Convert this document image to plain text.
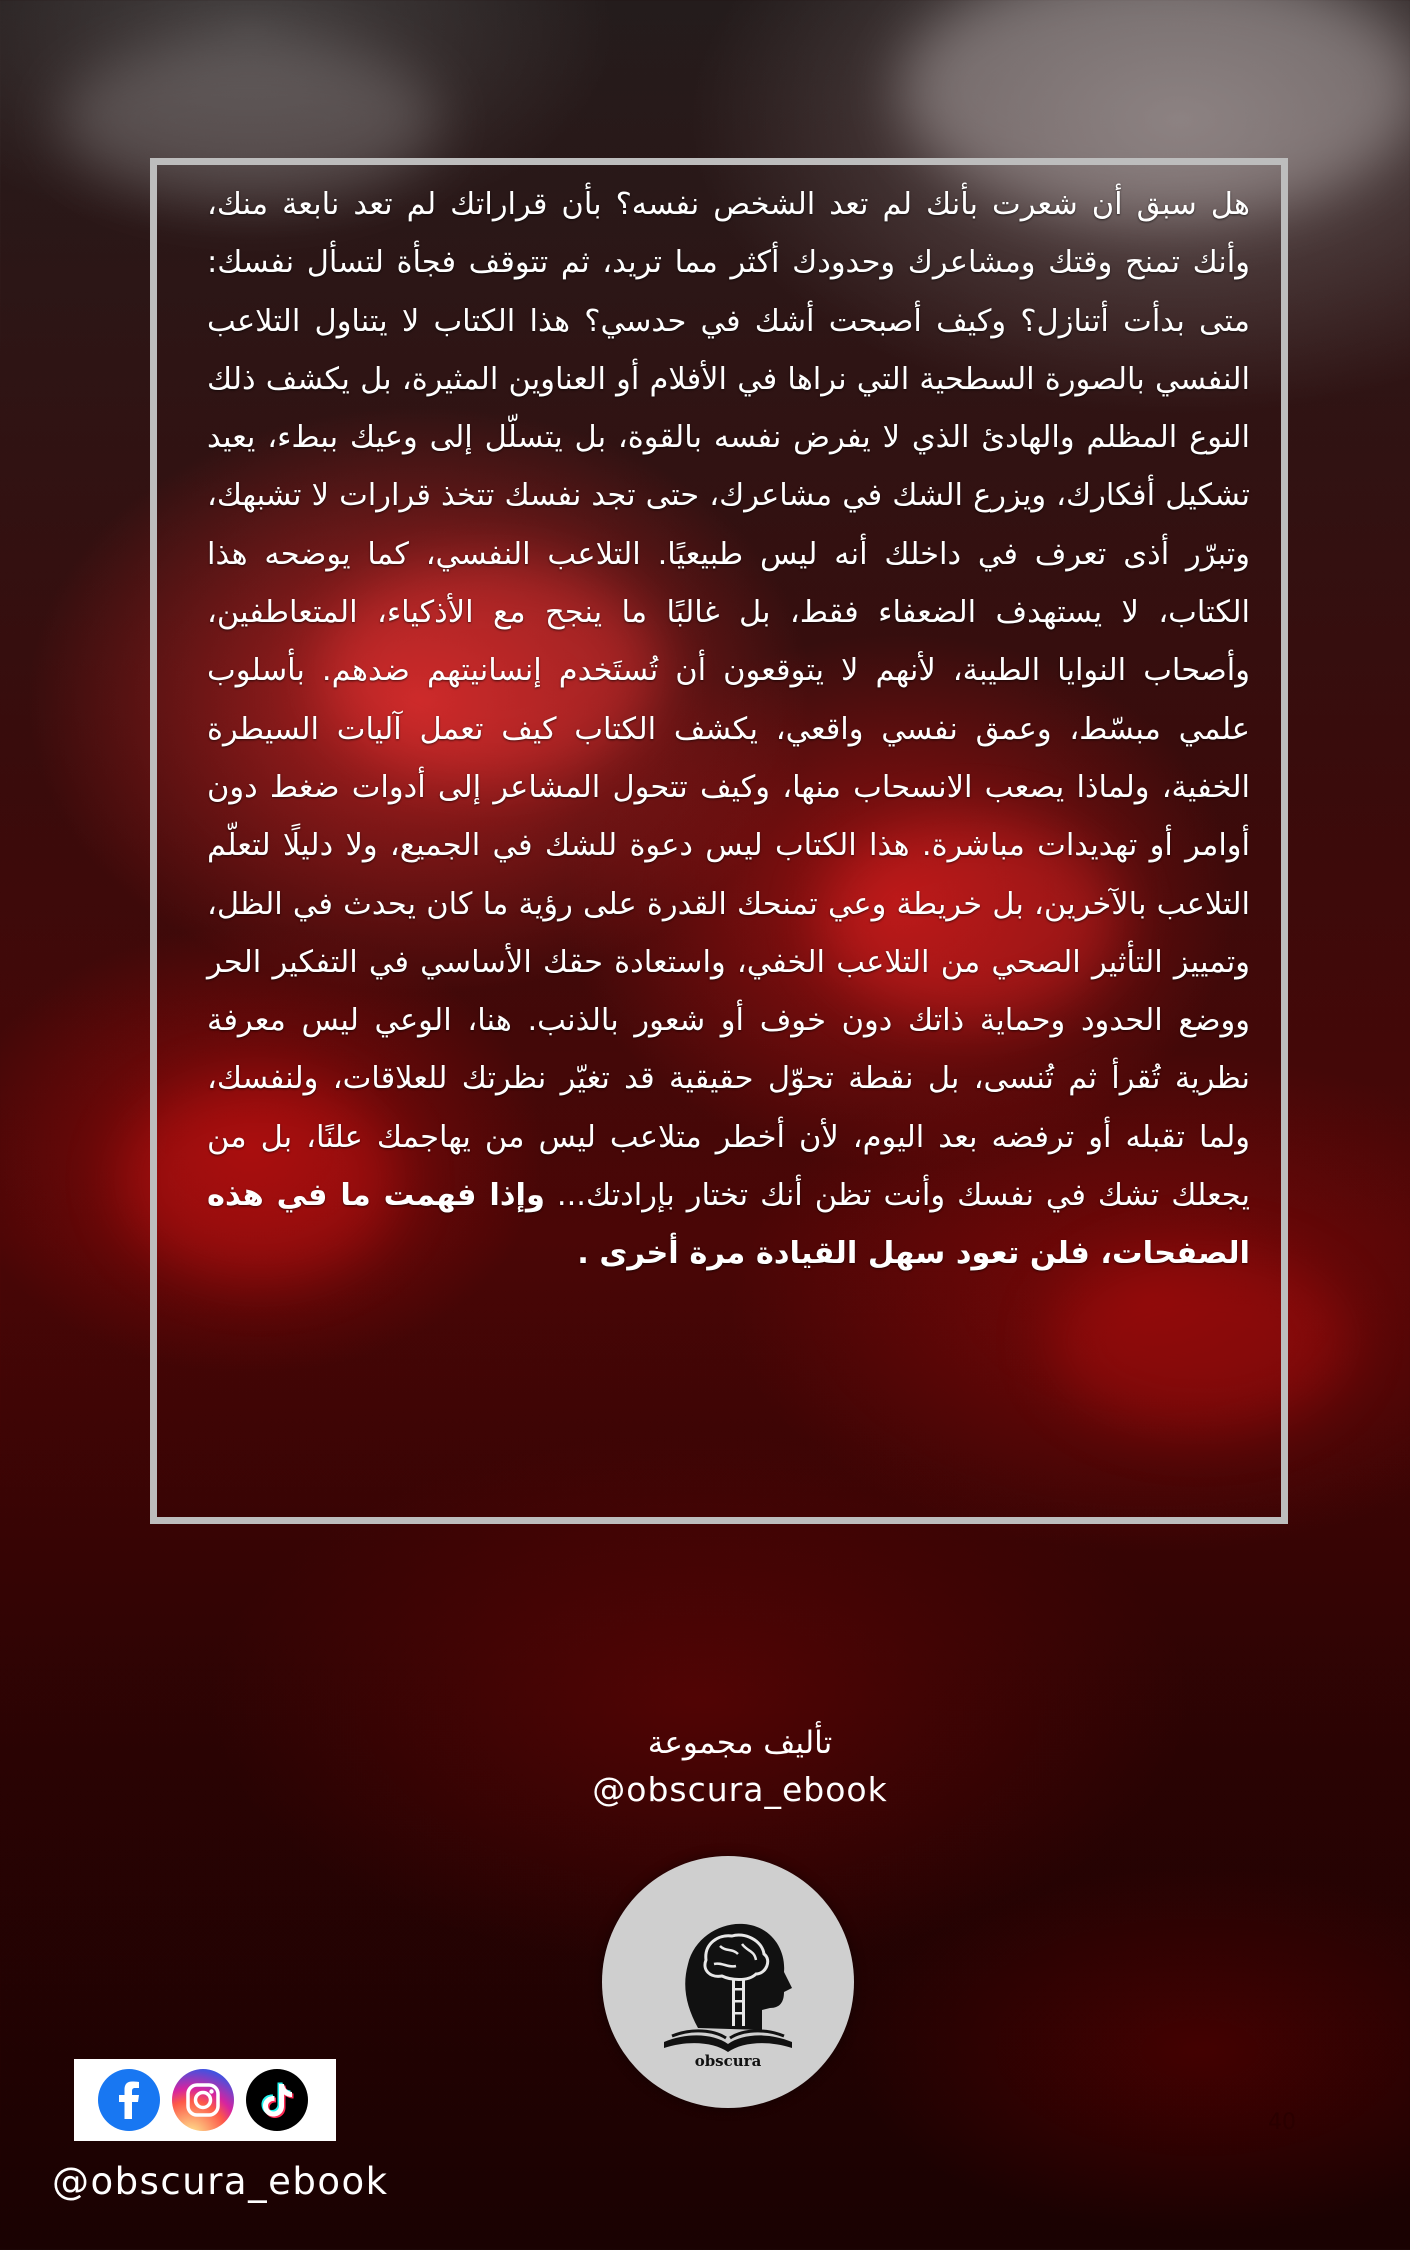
هل سبق أن شعرت بأنك لم تعد الشخص نفسه؟ بأن قراراتك لم تعد نابعة منك، وأنك تمنح وقتك ومشاعرك وحدودك أكثر مما تريد، ثم تتوقف فجأة لتسأل نفسك: متى بدأت أتنازل؟ وكيف أصبحت أشك في حدسي؟ هذا الكتاب لا يتناول التلاعب النفسي بالصورة السطحية التي نراها في الأفلام أو العناوين المثيرة، بل يكشف ذلك النوع المظلم والهادئ الذي لا يفرض نفسه بالقوة، بل يتسلّل إلى وعيك ببطء، يعيد تشكيل أفكارك، ويزرع الشك في مشاعرك، حتى تجد نفسك تتخذ قرارات لا تشبهك، وتبرّر أذى تعرف في داخلك أنه ليس طبيعيًا. التلاعب النفسي، كما يوضحه هذا الكتاب، لا يستهدف الضعفاء فقط، بل غالبًا ما ينجح مع الأذكياء، المتعاطفين، وأصحاب النوايا الطيبة، لأنهم لا يتوقعون أن تُستَخدم إنسانيتهم ضدهم. بأسلوب علمي مبسّط، وعمق نفسي واقعي، يكشف الكتاب كيف تعمل آليات السيطرة الخفية، ولماذا يصعب الانسحاب منها، وكيف تتحول المشاعر إلى أدوات ضغط دون أوامر أو تهديدات مباشرة. هذا الكتاب ليس دعوة للشك في الجميع، ولا دليلًا لتعلّم التلاعب بالآخرين، بل خريطة وعي تمنحك القدرة على رؤية ما كان يحدث في الظل، وتمييز التأثير الصحي من التلاعب الخفي، واستعادة حقك الأساسي في التفكير الحر ووضع الحدود وحماية ذاتك دون خوف أو شعور بالذنب. هنا، الوعي ليس معرفة نظرية تُقرأ ثم تُنسى، بل نقطة تحوّل حقيقية قد تغيّر نظرتك للعلاقات، ولنفسك، ولما تقبله أو ترفضه بعد اليوم، لأن أخطر متلاعب ليس من يهاجمك علنًا، بل من يجعلك تشك في نفسك وأنت تظن أنك تختار بإرادتك... وإذا فهمت ما في هذه الصفحات، فلن تعود سهل القيادة مرة أخرى .
تأليف مجموعة
@obscura_ebook
obscura
@obscura_ebook
40
